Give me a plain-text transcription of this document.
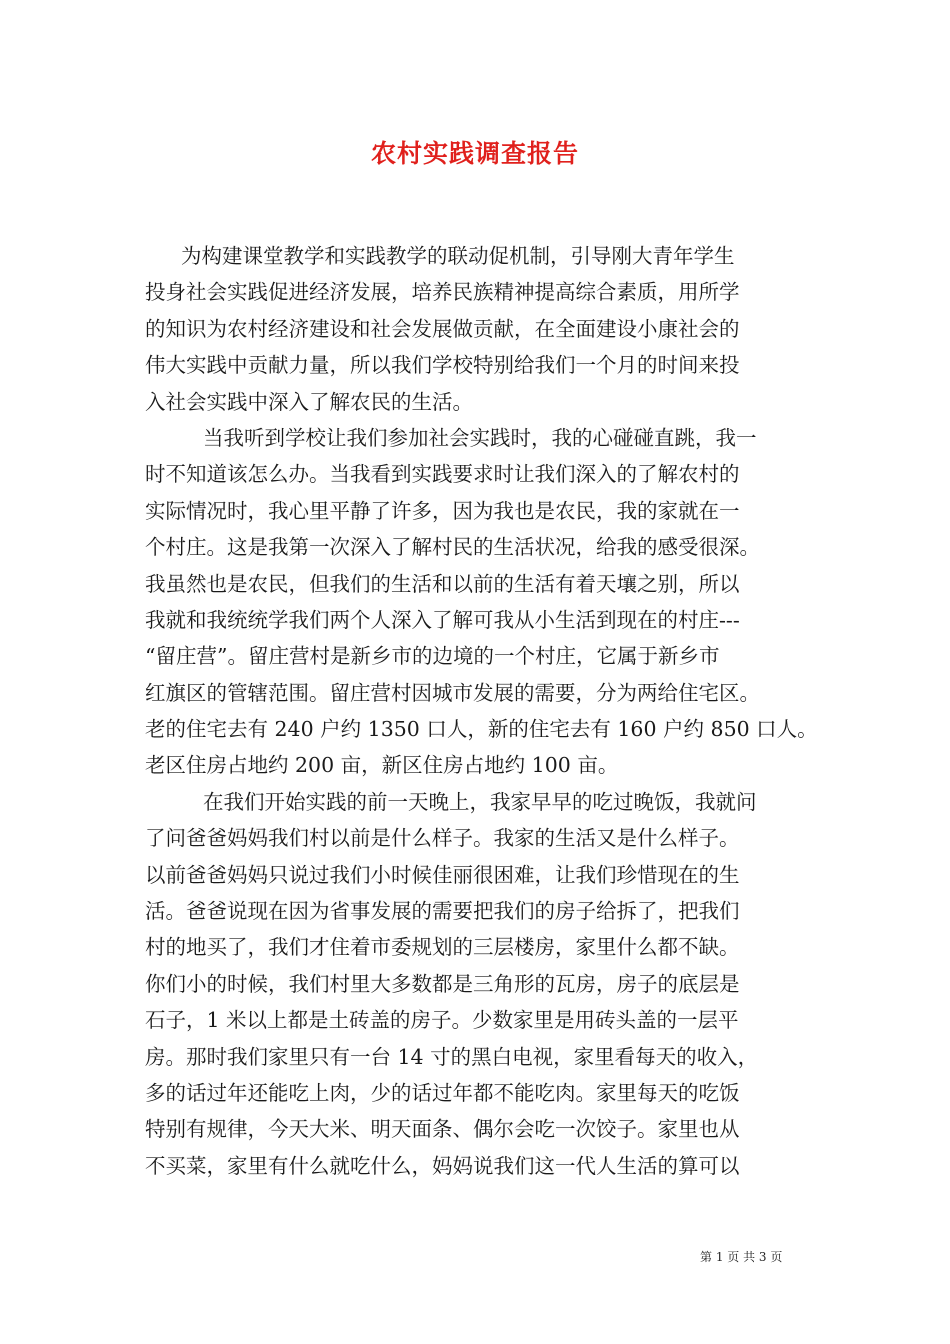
农村实践调查报告
为构建课堂教学和实践教学的联动促机制，引导刚大青年学生
投身社会实践促进经济发展，培养民族精神提高综合素质，用所学
的知识为农村经济建设和社会发展做贡献，在全面建设小康社会的
伟大实践中贡献力量，所以我们学校特别给我们一个月的时间来投
入社会实践中深入了解农民的生活。
当我听到学校让我们参加社会实践时，我的心碰碰直跳，我一
时不知道该怎么办。当我看到实践要求时让我们深入的了解农村的
实际情况时，我心里平静了许多，因为我也是农民，我的家就在一
个村庄。这是我第一次深入了解村民的生活状况，给我的感受很深。
我虽然也是农民，但我们的生活和以前的生活有着天壤之别，所以
我就和我统统学我们两个人深入了解可我从小生活到现在的村庄---
“留庄营”。留庄营村是新乡市的边境的一个村庄，它属于新乡市
红旗区的管辖范围。留庄营村因城市发展的需要，分为两给住宅区。
老的住宅去有 240 户约 1350 口人，新的住宅去有 160 户约 850 口人。
老区住房占地约 200 亩，新区住房占地约 100 亩。
在我们开始实践的前一天晚上，我家早早的吃过晚饭，我就问
了问爸爸妈妈我们村以前是什么样子。我家的生活又是什么样子。
以前爸爸妈妈只说过我们小时候佳丽很困难，让我们珍惜现在的生
活。爸爸说现在因为省事发展的需要把我们的房子给拆了，把我们
村的地买了，我们才住着市委规划的三层楼房，家里什么都不缺。
你们小的时候，我们村里大多数都是三角形的瓦房，房子的底层是
石子，1 米以上都是土砖盖的房子。少数家里是用砖头盖的一层平
房。那时我们家里只有一台 14 寸的黑白电视，家里看每天的收入，
多的话过年还能吃上肉，少的话过年都不能吃肉。家里每天的吃饭
特别有规律，今天大米、明天面条、偶尔会吃一次饺子。家里也从
不买菜，家里有什么就吃什么，妈妈说我们这一代人生活的算可以
第 1 页 共 3 页
